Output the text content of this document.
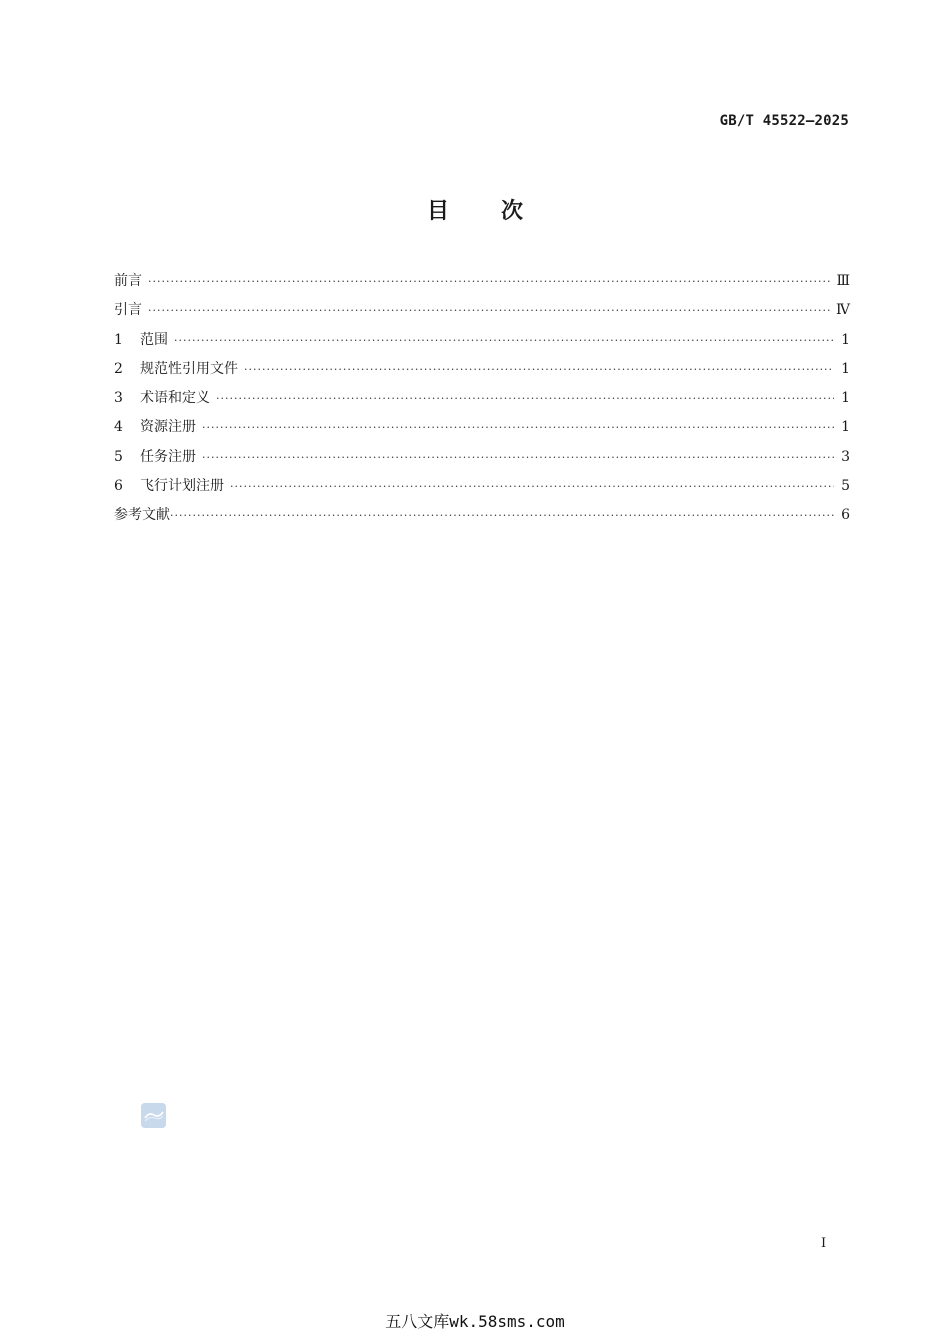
GB/T 45522—2025
目次
前言 ·····	Ⅲ
引言 ·····	Ⅳ
1	范围 ·····	1
2	规范性引用文件 ·····	1
3	术语和定义 ·····	1
4	资源注册 ·····	1
5	任务注册 ·····	3
6	飞行计划注册 ·····	5
参考文献 ·····	6
I
五八文库wk.58sms.com
